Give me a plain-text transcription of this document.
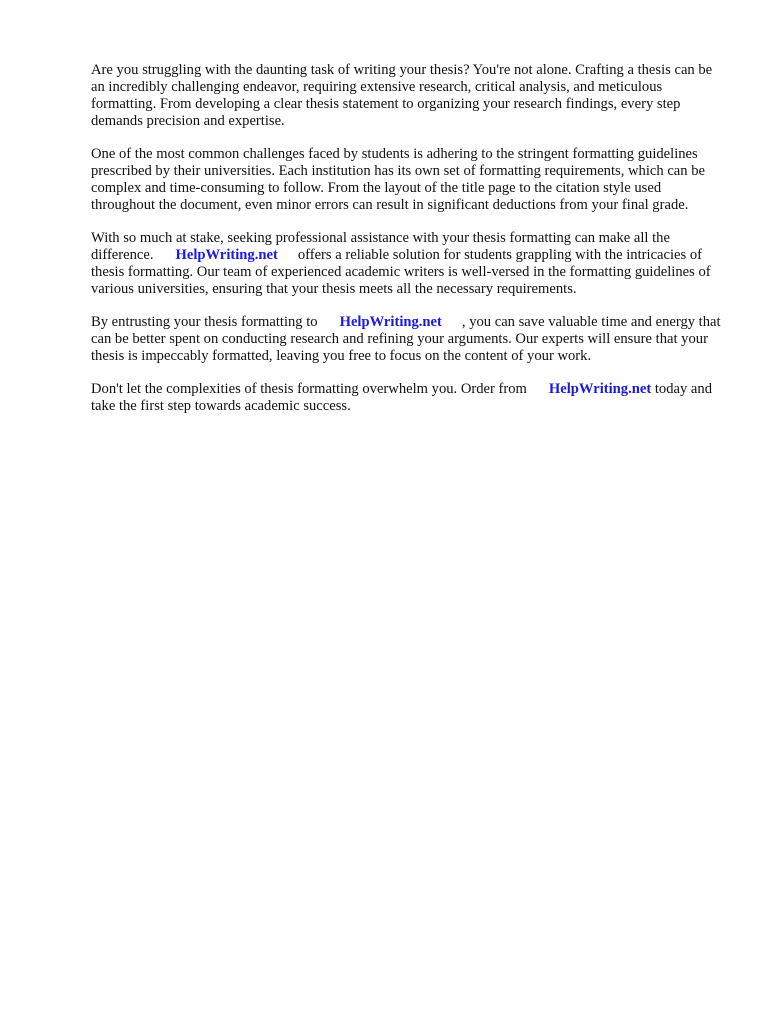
Are you struggling with the daunting task of writing your thesis? You're not alone. Crafting a thesis can be an incredibly challenging endeavor, requiring extensive research, critical analysis, and meticulous formatting. From developing a clear thesis statement to organizing your research findings, every step demands precision and expertise.

One of the most common challenges faced by students is adhering to the stringent formatting guidelines prescribed by their universities. Each institution has its own set of formatting requirements, which can be complex and time-consuming to follow. From the layout of the title page to the citation style used throughout the document, even minor errors can result in significant deductions from your final grade.

With so much at stake, seeking professional assistance with your thesis formatting can make all the difference. HelpWriting.net offers a reliable solution for students grappling with the intricacies of thesis formatting. Our team of experienced academic writers is well-versed in the formatting guidelines of various universities, ensuring that your thesis meets all the necessary requirements.

By entrusting your thesis formatting to HelpWriting.net , you can save valuable time and energy that can be better spent on conducting research and refining your arguments. Our experts will ensure that your thesis is impeccably formatted, leaving you free to focus on the content of your work.

Don't let the complexities of thesis formatting overwhelm you. Order from HelpWriting.net today and take the first step towards academic success.
